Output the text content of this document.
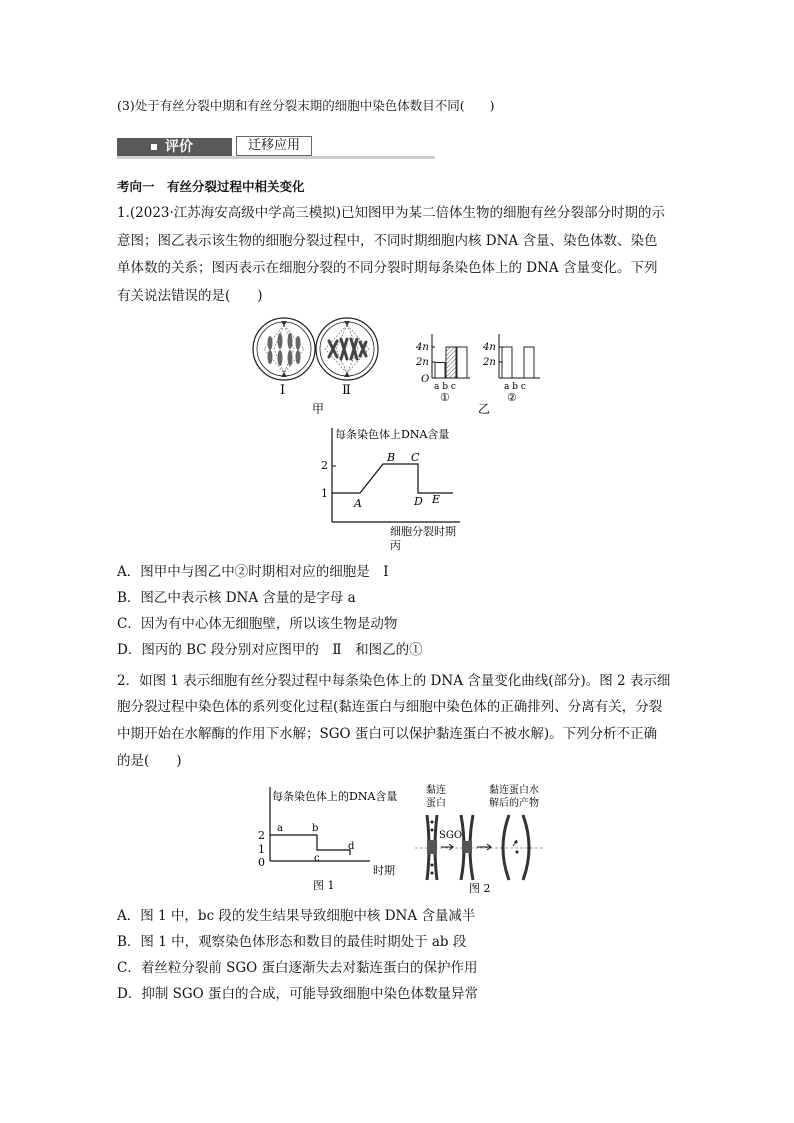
(3)处于有丝分裂中期和有丝分裂末期的细胞中染色体数目不同(　　)
评价	迁移应用
考向一　有丝分裂过程中相关变化
1.(2023·江苏海安高级中学高三模拟)已知图甲为某二倍体生物的细胞有丝分裂部分时期的示
意图；图乙表示该生物的细胞分裂过程中，不同时期细胞内核 DNA 含量、染色体数、染色
单体数的关系；图丙表示在细胞分裂的不同分裂时期每条染色体上的 DNA 含量变化。下列
有关说法错误的是(　　)
Ⅰ	Ⅱ
甲
4n
2n
O
a b c
①
4n
2n
a b c
②
乙
每条染色体上DNA含量
2
1
A
B C
D E
细胞分裂时期
丙
A．图甲中与图乙中②时期相对应的细胞是　Ⅰ
B．图乙中表示核 DNA 含量的是字母 a
C．因为有中心体无细胞壁，所以该生物是动物
D．图丙的 BC 段分别对应图甲的　Ⅱ　和图乙的①
2．如图 1 表示细胞有丝分裂过程中每条染色体上的 DNA 含量变化曲线(部分)。图 2 表示细
胞分裂过程中染色体的系列变化过程(黏连蛋白与细胞中染色体的正确排列、分离有关，分裂
中期开始在水解酶的作用下水解；SGO 蛋白可以保护黏连蛋白不被水解)。下列分析不正确
的是(　　)
每条染色体上的DNA含量
2
1
0
a	b
c
d
时期
图 1
黏连
蛋白
黏连蛋白水
解后的产物
SGO
图 2
A．图 1 中，bc 段的发生结果导致细胞中核 DNA 含量减半
B．图 1 中，观察染色体形态和数目的最佳时期处于 ab 段
C．着丝粒分裂前 SGO 蛋白逐渐失去对黏连蛋白的保护作用
D．抑制 SGO 蛋白的合成，可能导致细胞中染色体数量异常
